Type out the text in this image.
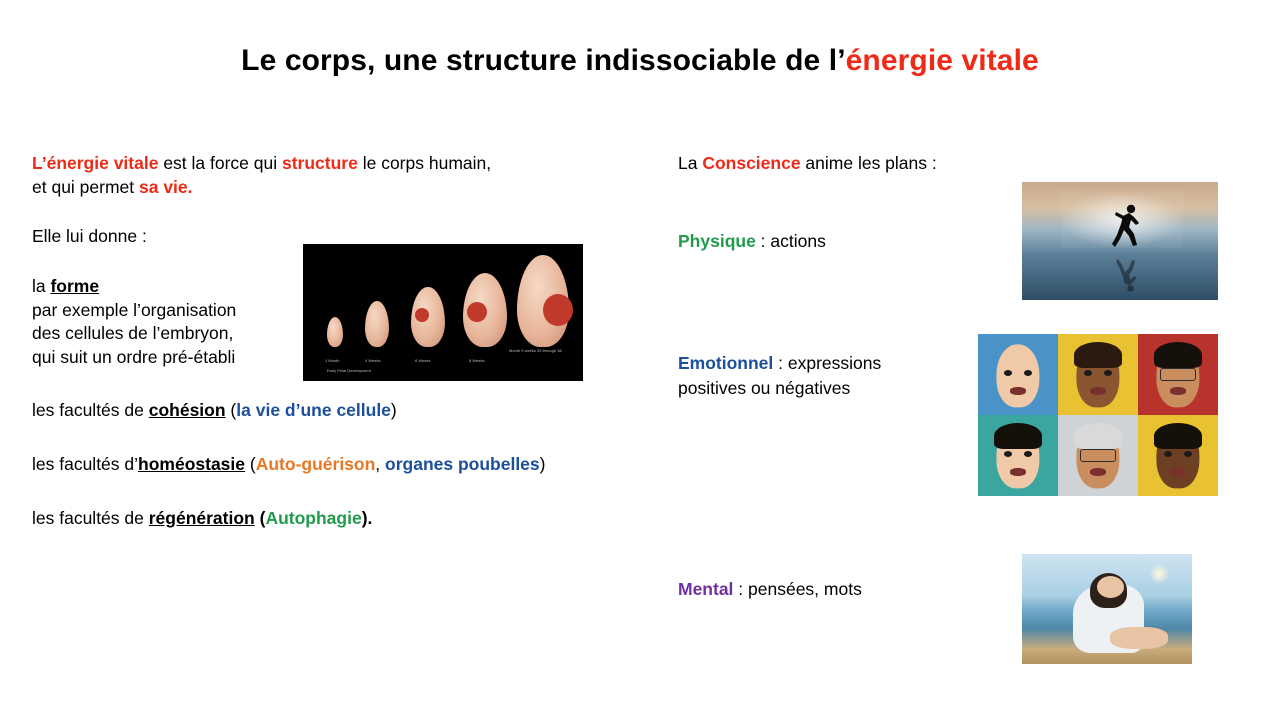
Le corps, une structure indissociable de l’énergie vitale

L’énergie vitale est la force qui structure le corps humain,

et qui permet sa vie.

Elle lui donne :

la forme

par exemple l’organisation

des cellules de l’embryon,

qui suit un ordre pré-établi

les facultés de cohésion (la vie d’une cellule)

les facultés d’homéostasie (Auto-guérison, organes poubelles)

les facultés de régénération (Autophagie).

La Conscience anime les plans :

Physique : actions

Emotionnel : expressions
positives ou négatives

Mental : pensées, mots

1 Month	4 Weeks	6 Weeks	8 Weeks
Month 9 weeks 33 through 36
Early Fetal Development
